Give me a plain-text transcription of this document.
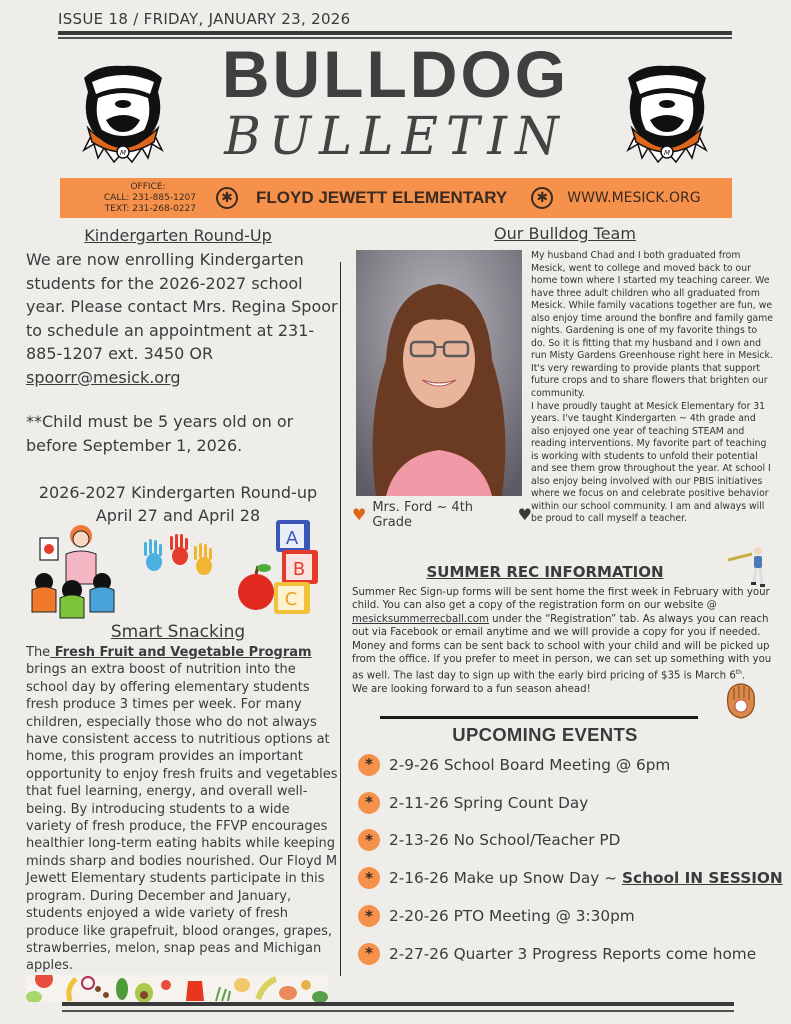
ISSUE 18 / FRIDAY, JANUARY 23, 2026
M	M
BULLDOG
BULLETIN
OFFICE:
CALL: 231-885-1207
TEXT: 231-268-0227
✱	FLOYD JEWETT ELEMENTARY	✱	WWW.MESICK.ORG
Kindergarten Round-Up
We are now enrolling Kindergarten students for the 2026-2027 school year. Please contact Mrs. Regina Spoor to schedule an appointment at 231-885-1207 ext. 3450 OR
spoorr@mesick.org
**Child must be 5 years old on or before September 1, 2026.
2026-2027 Kindergarten Round-up
April 27 and April 28
A
B
C
Smart Snacking
The Fresh Fruit and Vegetable Program brings an extra boost of nutrition into the school day by offering elementary students fresh produce 3 times per week. For many children, especially those who do not always have consistent access to nutritious options at home, this program provides an important opportunity to enjoy fresh fruits and vegetables that fuel learning, energy, and overall well-being. By introducing students to a wide variety of fresh produce, the FFVP encourages healthier long-term eating habits while keeping minds sharp and bodies nourished. Our Floyd M Jewett Elementary students participate in this program. During December and January, students enjoyed a wide variety of fresh produce like grapefruit, blood oranges, grapes, strawberries, melon, snap peas and Michigan apples.
Our Bulldog Team
♥ Mrs. Ford ~ 4th Grade	♥
My husband Chad and I both graduated from Mesick, went to college and moved back to our home town where I started my teaching career. We have three adult children who all graduated from Mesick. While family vacations together are fun, we also enjoy time around the bonfire and family game nights. Gardening is one of my favorite things to do. So it is fitting that my husband and I own and run Misty Gardens Greenhouse right here in Mesick. It's very rewarding to provide plants that support future crops and to share flowers that brighten our community.
I have proudly taught at Mesick Elementary for 31 years. I've taught Kindergarten ~ 4th grade and also enjoyed one year of teaching STEAM and reading interventions. My favorite part of teaching is working with students to unfold their potential and see them grow throughout the year. At school I also enjoy being involved with our PBIS initiatives where we focus on and celebrate positive behavior within our school community. I am and always will be proud to call myself a teacher.
SUMMER REC INFORMATION
Summer Rec Sign-up forms will be sent home the first week in February with your child. You can also get a copy of the registration form on our website @ mesicksummerrecball.com under the “Registration” tab. As always you can reach out via Facebook or email anytime and we will provide a copy for you if needed. Money and forms can be sent back to school with your child and will be picked up from the office. If you prefer to meet in person, we can set up something with you as well. The last day to sign up with the early bird pricing of $35 is March 6th.
We are looking forward to a fun season ahead!
UPCOMING EVENTS
*	2-9-26 School Board Meeting @ 6pm
*	2-11-26 Spring Count Day
*	2-13-26 No School/Teacher PD
*	2-16-26 Make up Snow Day ~ School IN SESSION
*	2-20-26 PTO Meeting @ 3:30pm
*	2-27-26 Quarter 3 Progress Reports come home
